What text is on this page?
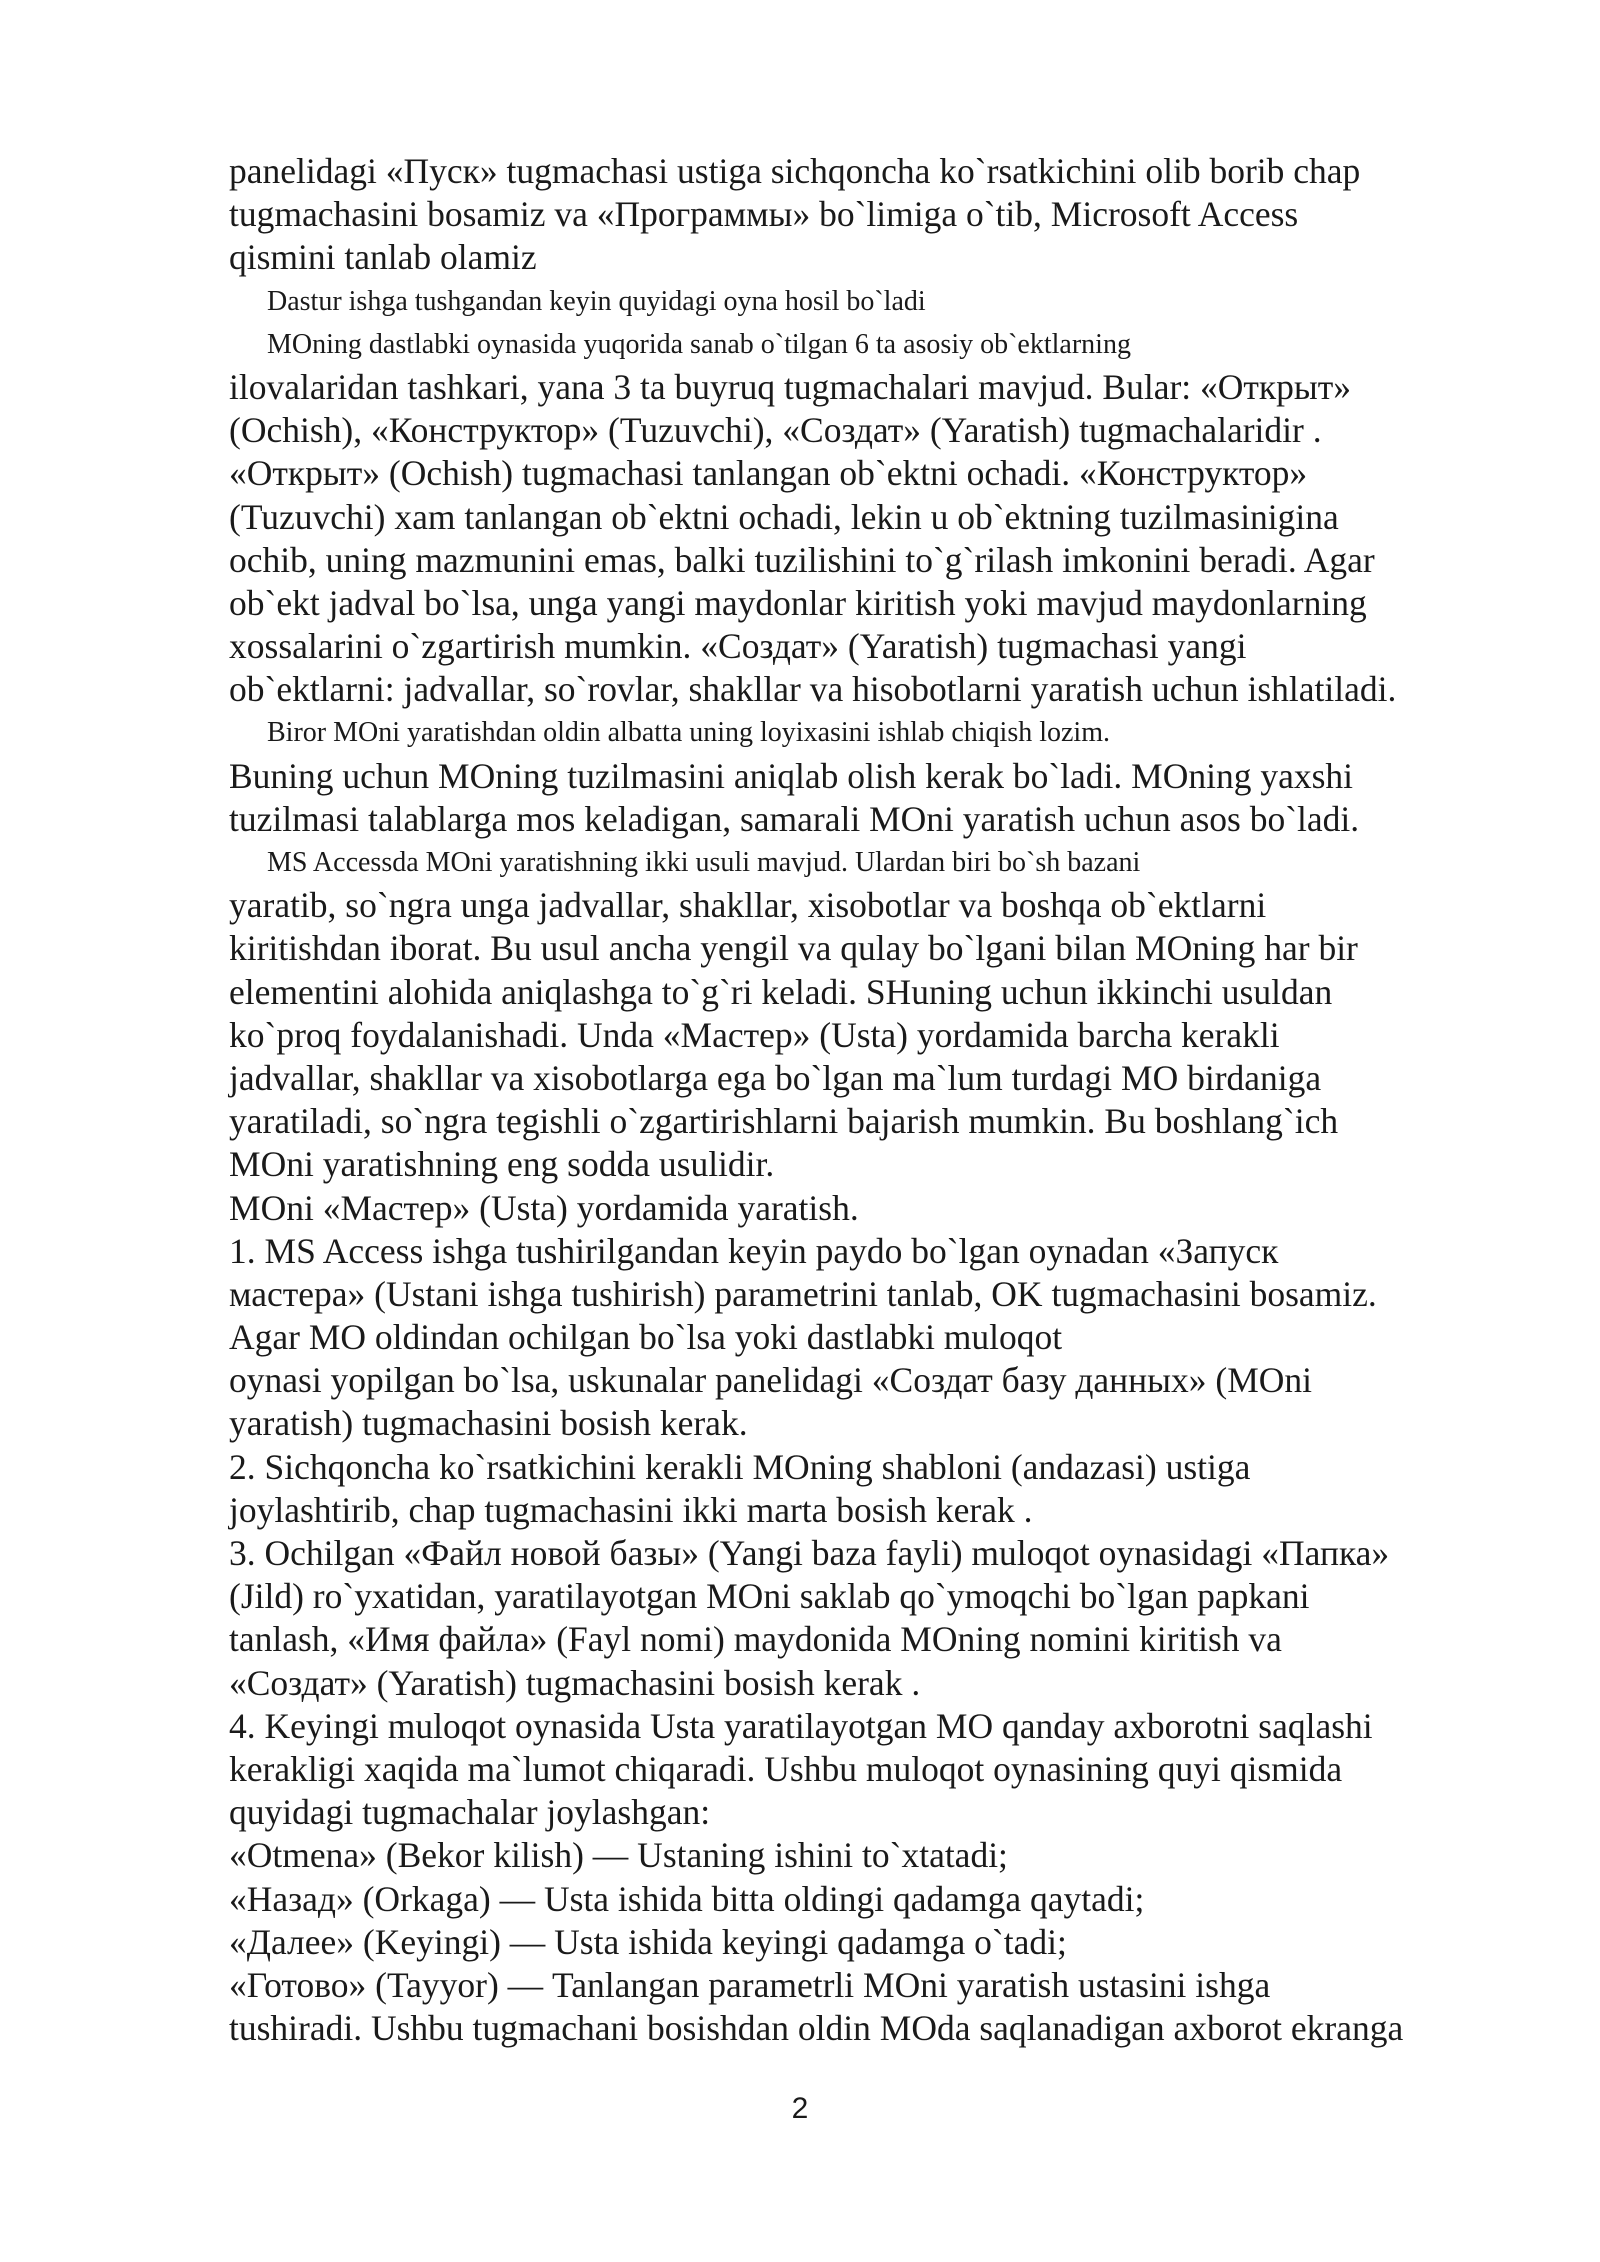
panelidagi «Пуск» tugmachasi ustiga sichqoncha ko`rsatkichini olib borib chap
tugmachasini bosamiz va «Программы» bo`limiga o`tib, Microsoft Access
qismini tanlab olamiz
Dastur ishga tushgandan keyin quyidagi oyna hosil bo`ladi
MOning dastlabki oynasida yuqorida sanab o`tilgan 6 ta asosiy ob`ektlarning
ilovalaridan tashkari, yana 3 ta buyruq tugmachalari mavjud. Bular: «Открыт»
(Ochish), «Конструктор» (Tuzuvchi), «Создат» (Yaratish) tugmachalaridir .
«Открыт» (Ochish) tugmachasi tanlangan ob`ektni ochadi. «Конструктор»
(Tuzuvchi) xam tanlangan ob`ektni ochadi, lekin u ob`ektning tuzilmasinigina
ochib, uning mazmunini emas, balki tuzilishini to`g`rilash imkonini beradi. Agar
ob`ekt jadval bo`lsa, unga yangi maydonlar kiritish yoki mavjud maydonlarning
xossalarini o`zgartirish mumkin. «Создат» (Yaratish) tugmachasi yangi
ob`ektlarni: jadvallar, so`rovlar, shakllar va hisobotlarni yaratish uchun ishlatiladi.
Biror MOni yaratishdan oldin albatta uning loyixasini ishlab chiqish lozim.
Buning uchun MOning tuzilmasini aniqlab olish kerak bo`ladi. MOning yaxshi
tuzilmasi talablarga mos keladigan, samarali MOni yaratish uchun asos bo`ladi.
MS Accessda MOni yaratishning ikki usuli mavjud. Ulardan biri bo`sh bazani
yaratib, so`ngra unga jadvallar, shakllar, xisobotlar va boshqa ob`ektlarni
kiritishdan iborat. Bu usul ancha yengil va qulay bo`lgani bilan MOning har bir
elementini alohida aniqlashga to`g`ri keladi. SHuning uchun ikkinchi usuldan
ko`proq foydalanishadi. Unda «Мастер» (Usta) yordamida barcha kerakli
jadvallar, shakllar va xisobotlarga ega bo`lgan ma`lum turdagi MO birdaniga
yaratiladi, so`ngra tegishli o`zgartirishlarni bajarish mumkin. Bu boshlang`ich
MOni yaratishning eng sodda usulidir.
MOni «Мастер» (Usta) yordamida yaratish.
1. MS Access ishga tushirilgandan keyin paydo bo`lgan oynadan «Запуск
мастера» (Ustani ishga tushirish) parametrini tanlab, OK tugmachasini bosamiz.
Agar MO oldindan ochilgan bo`lsa yoki dastlabki muloqot
oynasi yopilgan bo`lsa, uskunalar panelidagi «Создат базу данных» (MOni
yaratish) tugmachasini bosish kerak.
2. Sichqoncha ko`rsatkichini kerakli MOning shabloni (andazasi) ustiga
joylashtirib, chap tugmachasini ikki marta bosish kerak .
3. Ochilgan «Файл новой базы» (Yangi baza fayli) muloqot oynasidagi «Папка»
(Jild) ro`yxatidan, yaratilayotgan MOni saklab qo`ymoqchi bo`lgan papkani
tanlash, «Имя файла» (Fayl nomi) maydonida MOning nomini kiritish va
«Создат» (Yaratish) tugmachasini bosish kerak .
4. Keyingi muloqot oynasida Usta yaratilayotgan MO qanday axborotni saqlashi
kerakligi xaqida ma`lumot chiqaradi. Ushbu muloqot oynasining quyi qismida
quyidagi tugmachalar joylashgan:
«Otmena» (Bekor kilish) — Ustaning ishini to`xtatadi;
«Назад» (Orkaga) — Usta ishida bitta oldingi qadamga qaytadi;
«Далее» (Keyingi) — Usta ishida keyingi qadamga o`tadi;
«Готово» (Tayyor) — Tanlangan parametrli MOni yaratish ustasini ishga
tushiradi. Ushbu tugmachani bosishdan oldin MOda saqlanadigan axborot ekranga
2
